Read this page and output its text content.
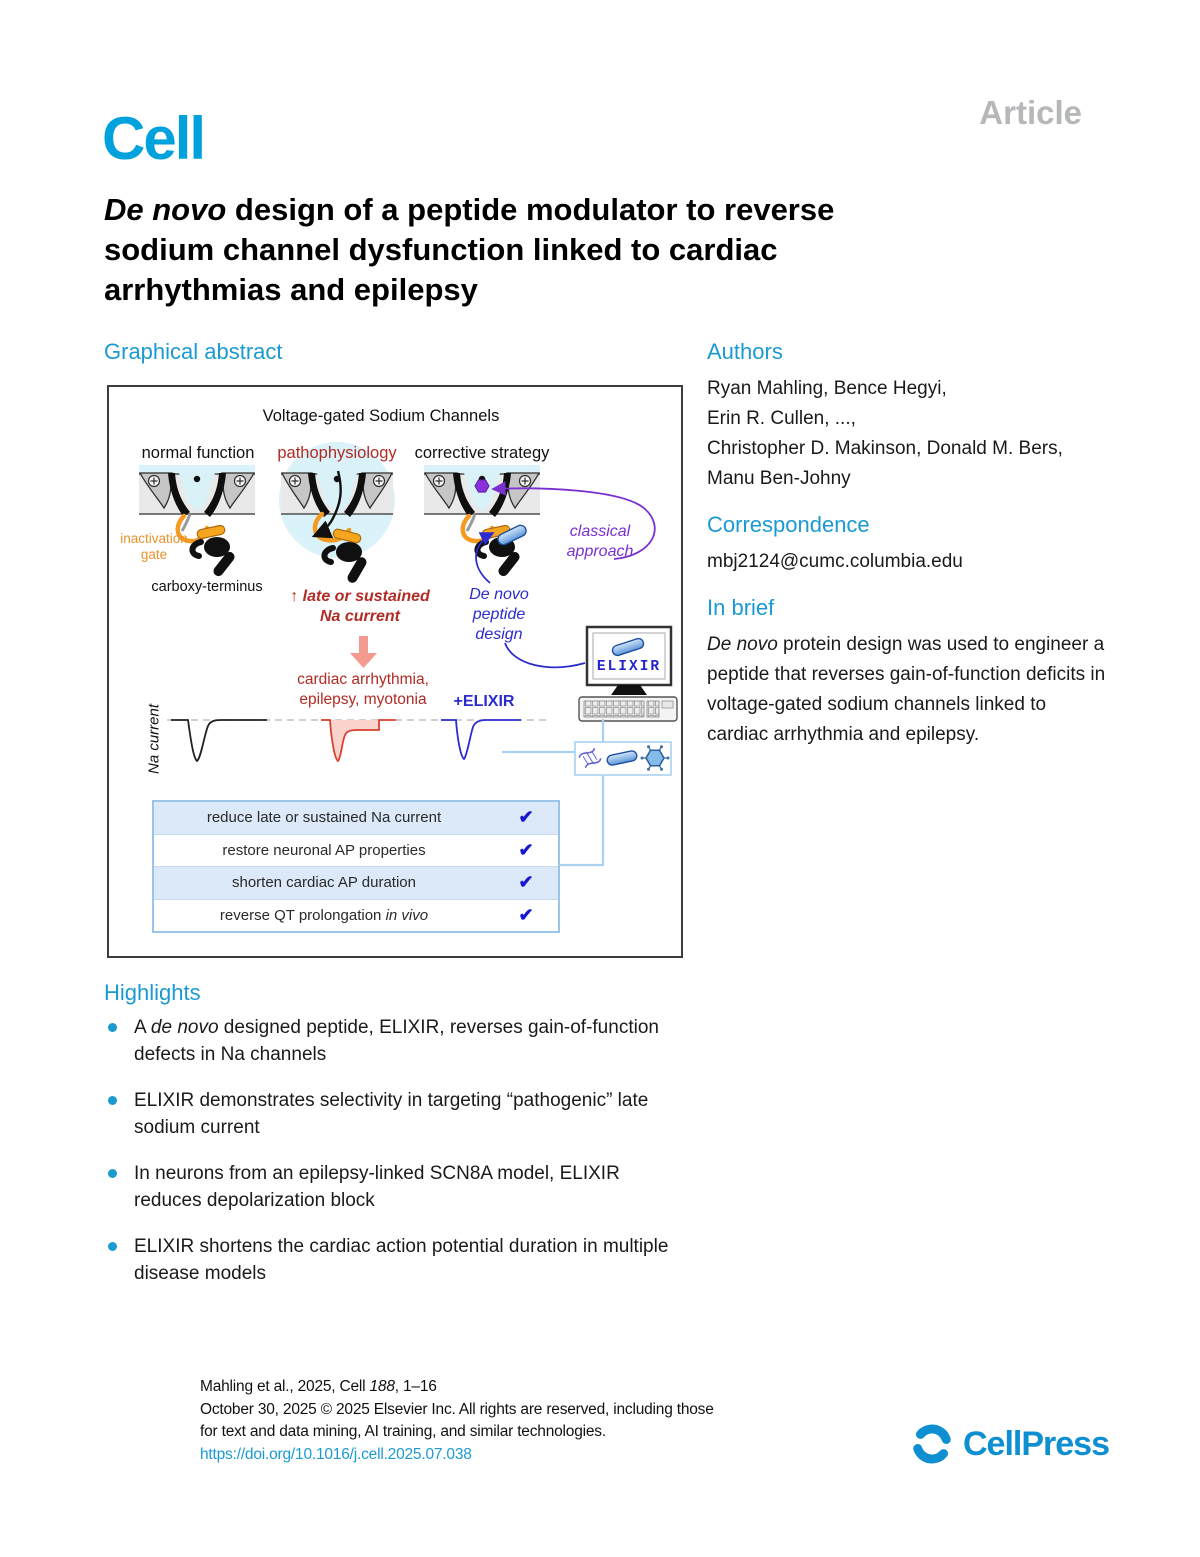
Cell	Article
De novo design of a peptide modulator to reverse
sodium channel dysfunction linked to cardiac
arrhythmias and epilepsy
Graphical abstract
Voltage-gated Sodium Channels
normal function pathophysiology corrective strategy
inactivation
gate
carboxy-terminus
↑ late or sustained
Na current
cardiac arrhythmia,
epilepsy, myotonia
classical
approach
De novo
peptide
design
+ELIXIR
Na current
ELIXIR
reduce late or sustained Na current	✔
restore neuronal AP properties	✔
shorten cardiac AP duration	✔
reverse QT prolongation in vivo	✔
Authors
Ryan Mahling, Bence Hegyi,
Erin R. Cullen, ...,
Christopher D. Makinson, Donald M. Bers,
Manu Ben-Johny
Correspondence
mbj2124@cumc.columbia.edu
In brief
De novo protein design was used to engineer a peptide that reverses gain-of-function deficits in voltage-gated sodium channels linked to cardiac arrhythmia and epilepsy.
Highlights
A de novo designed peptide, ELIXIR, reverses gain-of-function defects in Na channels
ELIXIR demonstrates selectivity in targeting “pathogenic” late sodium current
In neurons from an epilepsy-linked SCN8A model, ELIXIR reduces depolarization block
ELIXIR shortens the cardiac action potential duration in multiple disease models
Mahling et al., 2025, Cell 188, 1–16
October 30, 2025 © 2025 Elsevier Inc. All rights are reserved, including those
for text and data mining, AI training, and similar technologies.
https://doi.org/10.1016/j.cell.2025.07.038	CellPress
